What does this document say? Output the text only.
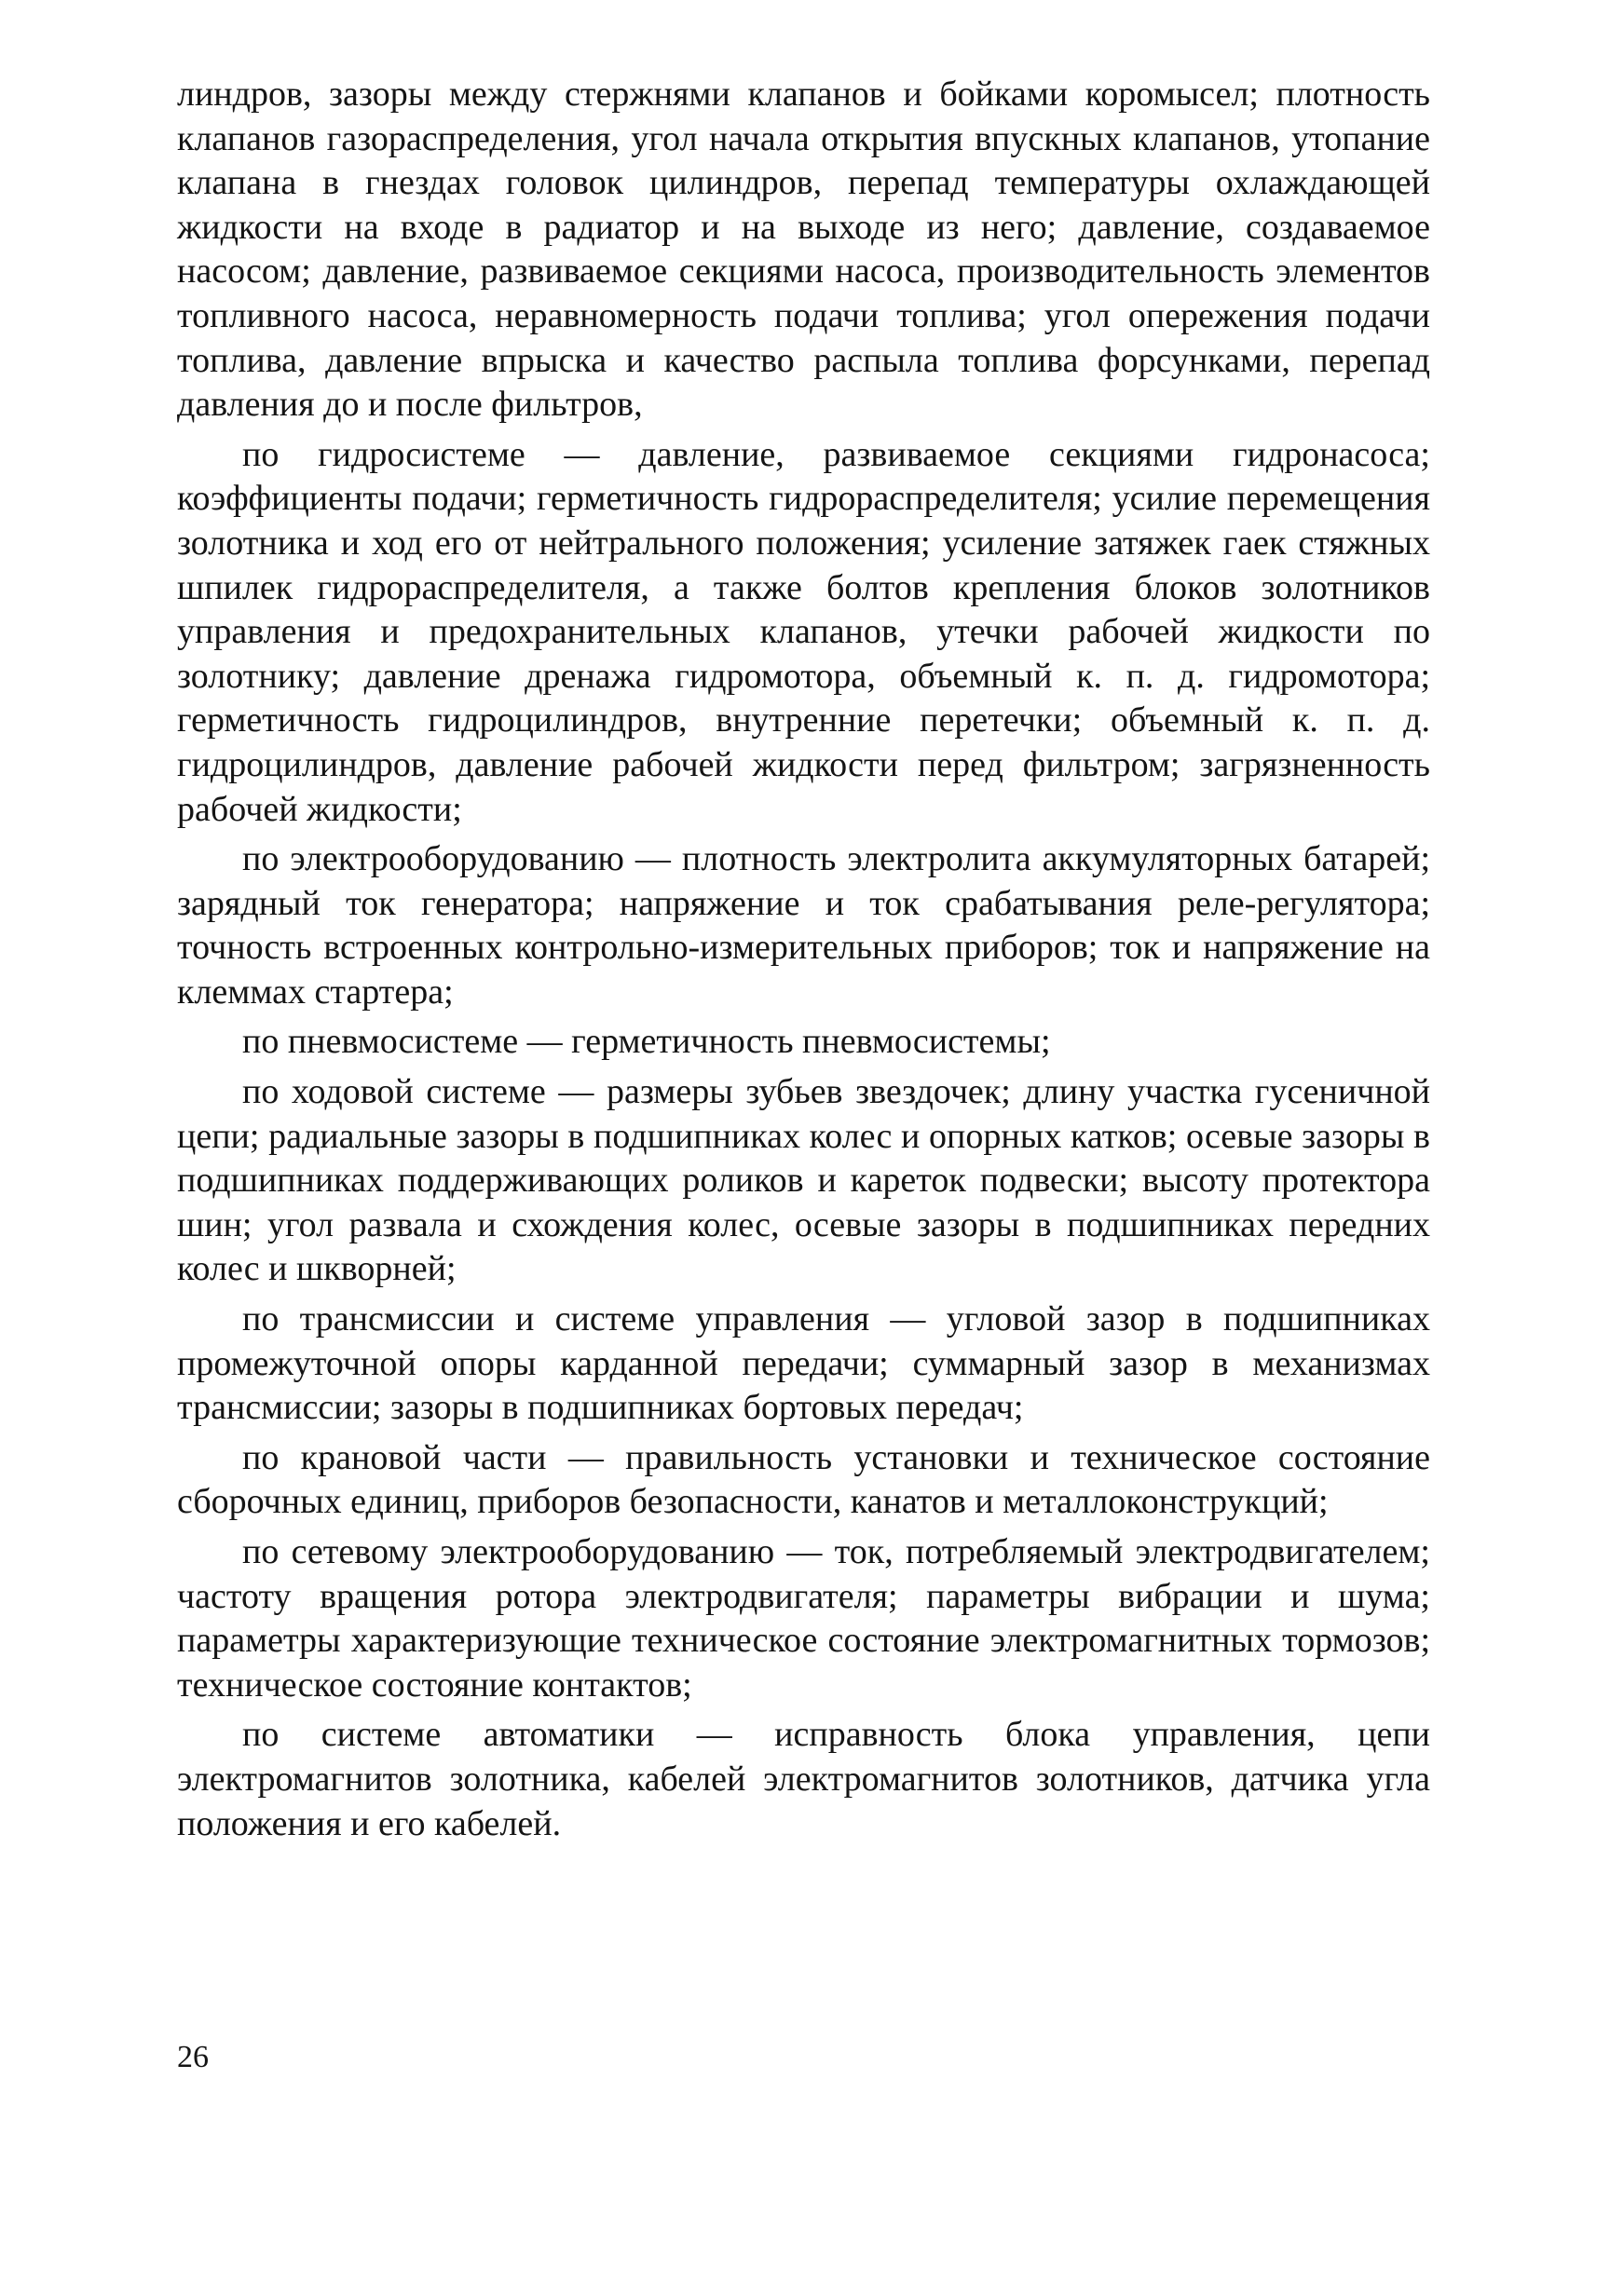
линдров, зазоры между стержнями клапанов и бойками коромысел; плотность клапанов газораспределения, угол начала открытия впускных клапанов, утопание клапана в гнездах головок цилиндров, перепад температуры охлаждающей жидкости на входе в радиатор и на выходе из него; давление, создаваемое насосом; давление, развиваемое секциями насоса, производительность элементов топливного насоса, неравномерность подачи топлива; угол опережения подачи топлива, давление впрыска и качество распыла топлива форсунками, перепад давления до и после фильтров,

по гидросистеме — давление, развиваемое секциями гидронасоса; коэффициенты подачи; герметичность гидрораспределителя; усилие перемещения золотника и ход его от нейтрального положения; усиление затяжек гаек стяжных шпилек гидрораспределителя, а также болтов крепления блоков золотников управления и предохранительных клапанов, утечки рабочей жидкости по золотнику; давление дренажа гидромотора, объемный к. п. д. гидромотора; герметичность гидроцилиндров, внутренние перетечки; объемный к. п. д. гидроцилиндров, давление рабочей жидкости перед фильтром; загрязненность рабочей жидкости;

по электрооборудованию — плотность электролита аккумуляторных батарей; зарядный ток генератора; напряжение и ток срабатывания реле-регулятора; точность встроенных контрольно-измерительных приборов; ток и напряжение на клеммах стартера;

по пневмосистеме — герметичность пневмосистемы;

по ходовой системе — размеры зубьев звездочек; длину участка гусеничной цепи; радиальные зазоры в подшипниках колес и опорных катков; осевые зазоры в подшипниках поддерживающих роликов и кареток подвески; высоту протектора шин; угол развала и схождения колес, осевые зазоры в подшипниках передних колес и шкворней;

по трансмиссии и системе управления — угловой зазор в подшипниках промежуточной опоры карданной передачи; суммарный зазор в механизмах трансмиссии; зазоры в подшипниках бортовых передач;

по крановой части — правильность установки и техническое состояние сборочных единиц, приборов безопасности, канатов и металлоконструкций;

по сетевому электрооборудованию — ток, потребляемый электродвигателем; частоту вращения ротора электродвигателя; параметры вибрации и шума; параметры характеризующие техническое состояние электромагнитных тормозов; техническое состояние контактов;

по системе автоматики — исправность блока управления, цепи электромагнитов золотника, кабелей электромагнитов золотников, датчика угла положения и его кабелей.

26
